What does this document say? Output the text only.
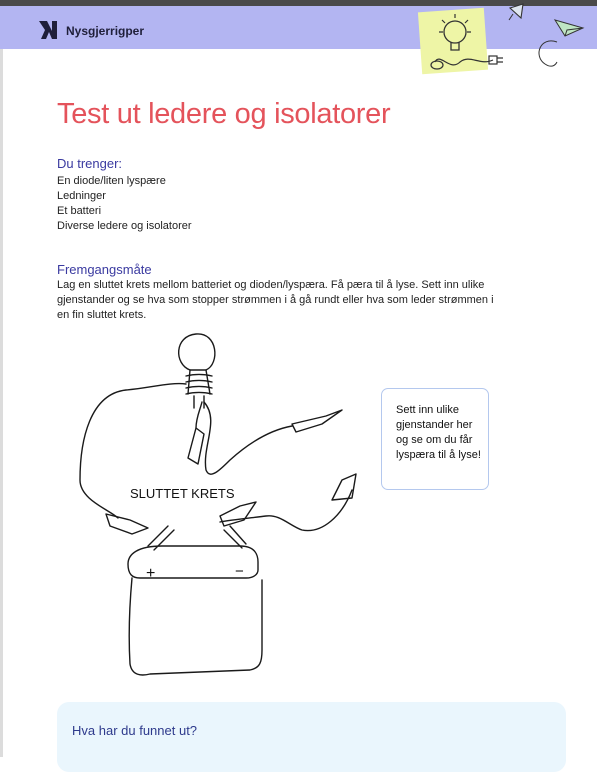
Nysgjerrigper
Test ut ledere og isolatorer
Du trenger:
En diode/liten lyspære
Ledninger
Et batteri
Diverse ledere og isolatorer
Fremgangsmåte

Lag en sluttet krets mellom batteriet og dioden/lyspæra. Få pæra til å lyse. Sett inn ulike gjenstander og se hva som stopper strømmen i å gå rundt eller hva som leder strømmen i en fin sluttet krets.

+	−
SLUTTET KRETS
Sett inn ulike gjenstander her og se om du får lyspæra til å lyse!
Hva har du funnet ut?
